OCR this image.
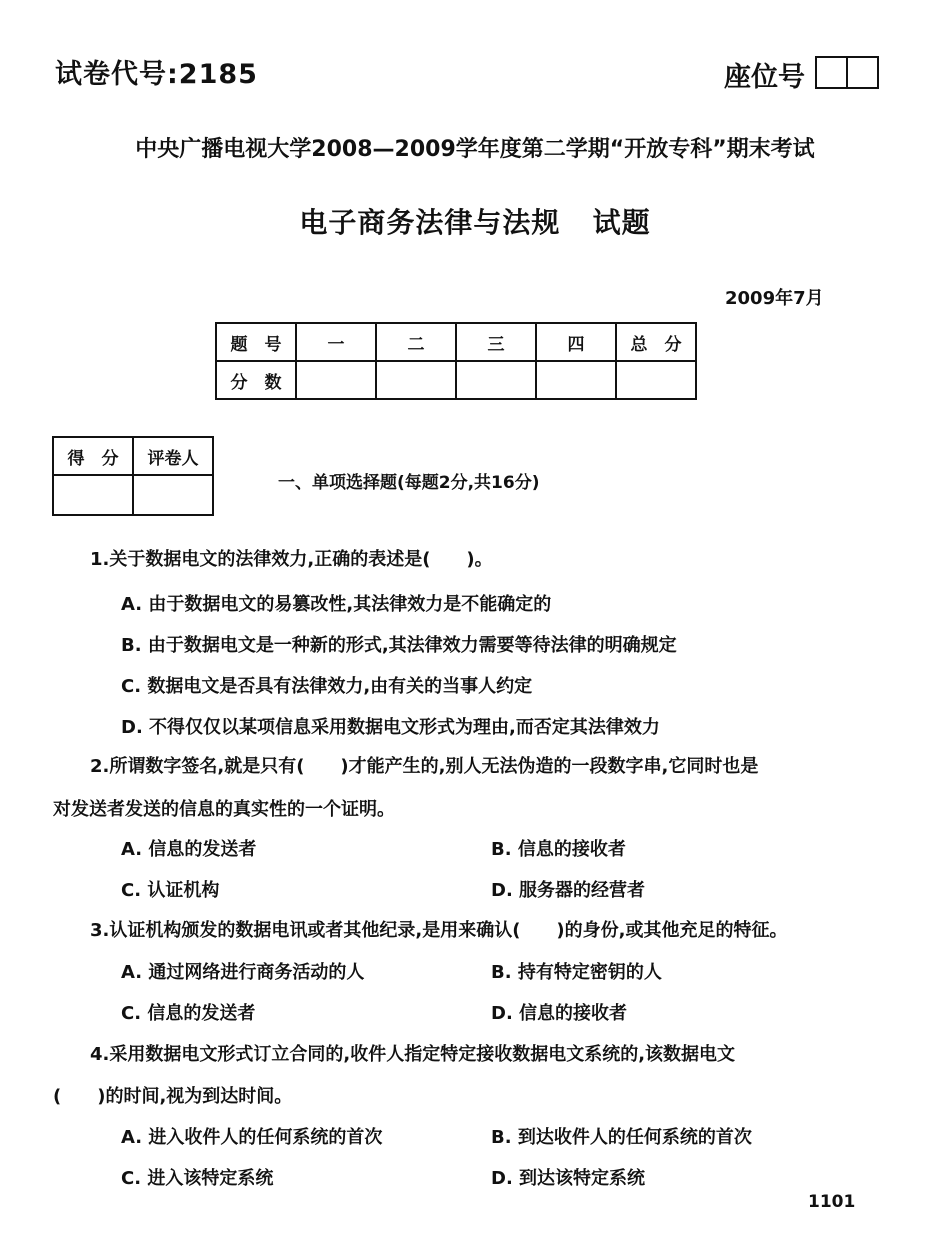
试卷代号:2185	座位号
中央广播电视大学2008—2009学年度第二学期“开放专科”期末考试
电子商务法律与法规   试题
2009年7月
题　号	一	二	三	四	总　分
分　数					
得　分	评卷人

一、单项选择题(每题2分,共16分)
1.关于数据电文的法律效力,正确的表述是(　　)。
A. 由于数据电文的易篡改性,其法律效力是不能确定的
B. 由于数据电文是一种新的形式,其法律效力需要等待法律的明确规定
C. 数据电文是否具有法律效力,由有关的当事人约定
D. 不得仅仅以某项信息采用数据电文形式为理由,而否定其法律效力
2.所谓数字签名,就是只有(　　)才能产生的,别人无法伪造的一段数字串,它同时也是
对发送者发送的信息的真实性的一个证明。
A. 信息的发送者	B. 信息的接收者
C. 认证机构	D. 服务器的经营者
3.认证机构颁发的数据电讯或者其他纪录,是用来确认(　　)的身份,或其他充足的特征。
A. 通过网络进行商务活动的人	B. 持有特定密钥的人
C. 信息的发送者	D. 信息的接收者
4.采用数据电文形式订立合同的,收件人指定特定接收数据电文系统的,该数据电文
(　　)的时间,视为到达时间。
A. 进入收件人的任何系统的首次	B. 到达收件人的任何系统的首次
C. 进入该特定系统	D. 到达该特定系统
1101
